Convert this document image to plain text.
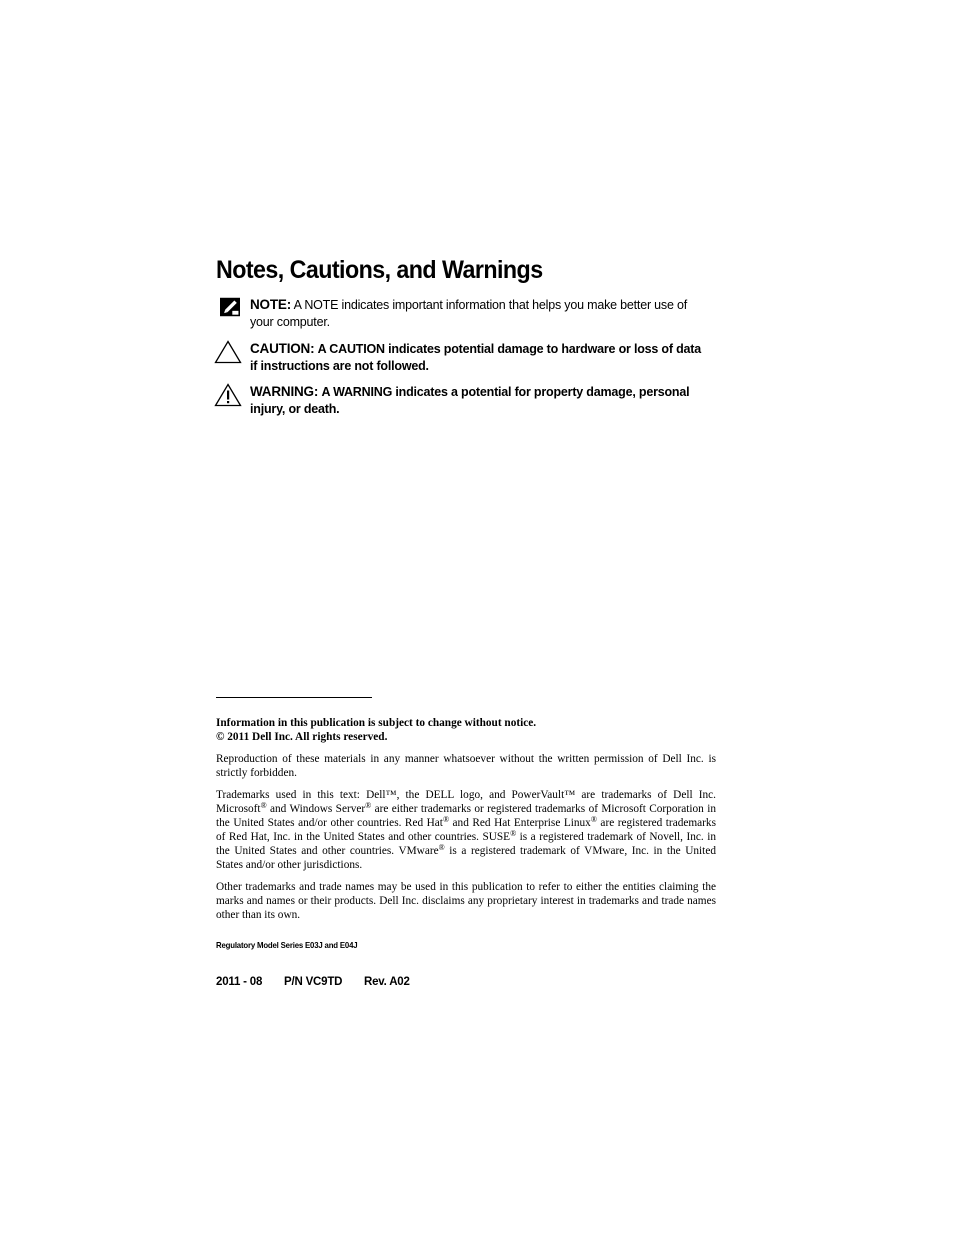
Notes, Cautions, and Warnings
NOTE: A NOTE indicates important information that helps you make better use of your computer.
CAUTION: A CAUTION indicates potential damage to hardware or loss of data if instructions are not followed.
WARNING: A WARNING indicates a potential for property damage, personal injury, or death.
Information in this publication is subject to change without notice.
© 2011 Dell Inc. All rights reserved.
Reproduction of these materials in any manner whatsoever without the written permission of Dell Inc. is strictly forbidden.
Trademarks used in this text: Dell™, the DELL logo, and PowerVault™ are trademarks of Dell Inc. Microsoft® and Windows Server® are either trademarks or registered trademarks of Microsoft Corporation in the United States and/or other countries. Red Hat® and Red Hat Enterprise Linux® are registered trademarks of Red Hat, Inc. in the United States and other countries. SUSE® is a registered trademark of Novell, Inc. in the United States and other countries. VMware® is a registered trademark of VMware, Inc. in the United States and/or other jurisdictions.
Other trademarks and trade names may be used in this publication to refer to either the entities claiming the marks and names or their products. Dell Inc. disclaims any proprietary interest in trademarks and trade names other than its own.
Regulatory Model Series E03J and E04J
2011 - 08 P/N VC9TD Rev. A02
